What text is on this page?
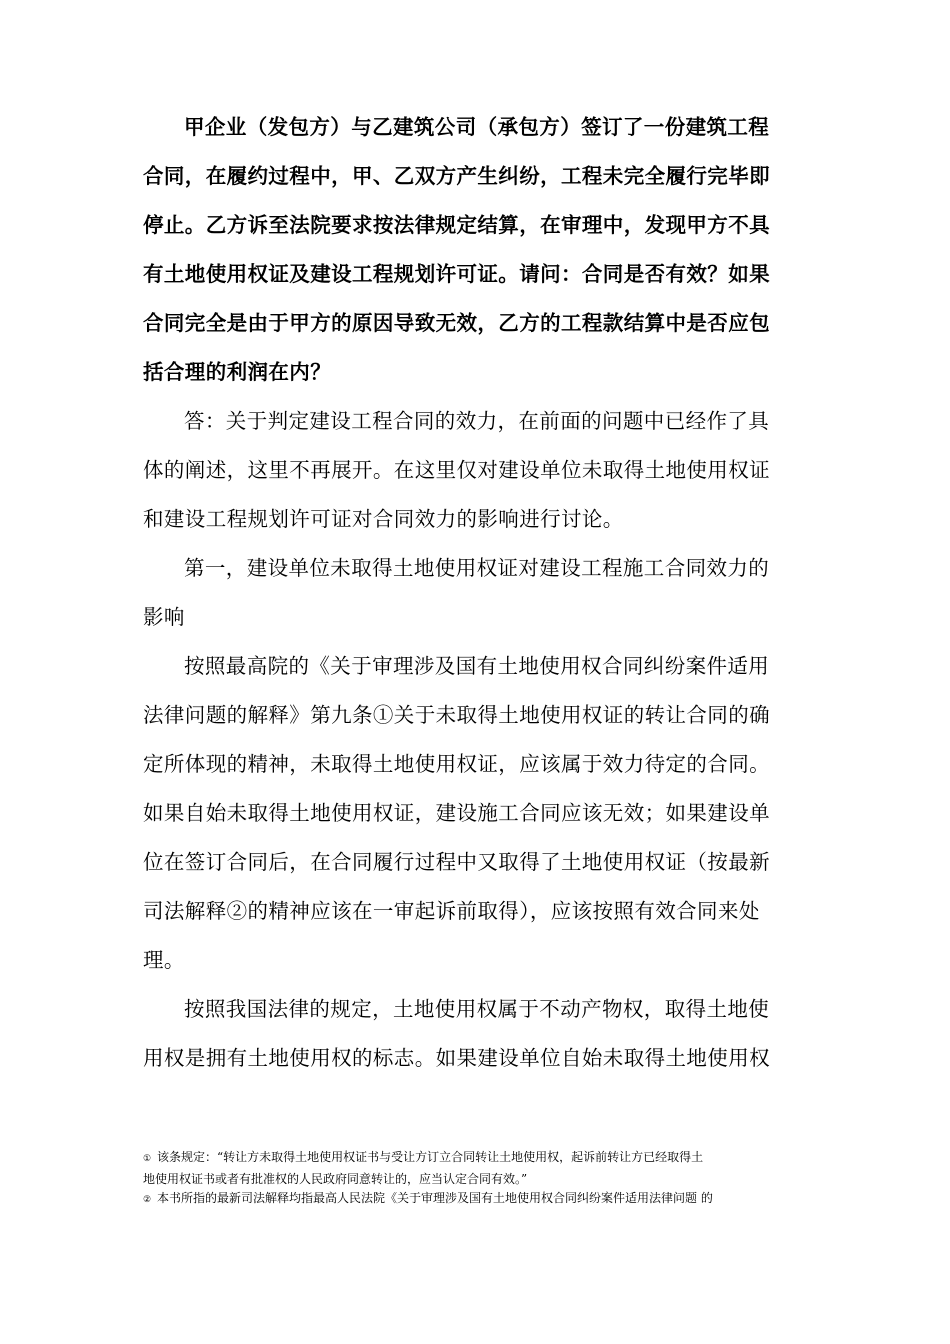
甲企业（发包方）与乙建筑公司（承包方）签订了一份建筑工程
合同，在履约过程中，甲、乙双方产生纠纷，工程未完全履行完毕即
停止。乙方诉至法院要求按法律规定结算，在审理中，发现甲方不具
有土地使用权证及建设工程规划许可证。请问：合同是否有效？如果
合同完全是由于甲方的原因导致无效，乙方的工程款结算中是否应包
括合理的利润在内？

答：关于判定建设工程合同的效力，在前面的问题中已经作了具
体的阐述，这里不再展开。在这里仅对建设单位未取得土地使用权证
和建设工程规划许可证对合同效力的影响进行讨论。

第一，建设单位未取得土地使用权证对建设工程施工合同效力的
影响

按照最高院的《关于审理涉及国有土地使用权合同纠纷案件适用
法律问题的解释》第九条①关于未取得土地使用权证的转让合同的确
定所体现的精神，未取得土地使用权证，应该属于效力待定的合同。
如果自始未取得土地使用权证，建设施工合同应该无效；如果建设单
位在签订合同后，在合同履行过程中又取得了土地使用权证（按最新
司法解释②的精神应该在一审起诉前取得），应该按照有效合同来处
理。

按照我国法律的规定，土地使用权属于不动产物权，取得土地使
用权是拥有土地使用权的标志。如果建设单位自始未取得土地使用权

① 该条规定：“转让方未取得土地使用权证书与受让方订立合同转让土地使用权，起诉前转让方已经取得土
地使用权证书或者有批准权的人民政府同意转让的，应当认定合同有效。”
② 本书所指的最新司法解释均指最高人民法院《关于审理涉及国有土地使用权合同纠纷案件适用法律问题 的
